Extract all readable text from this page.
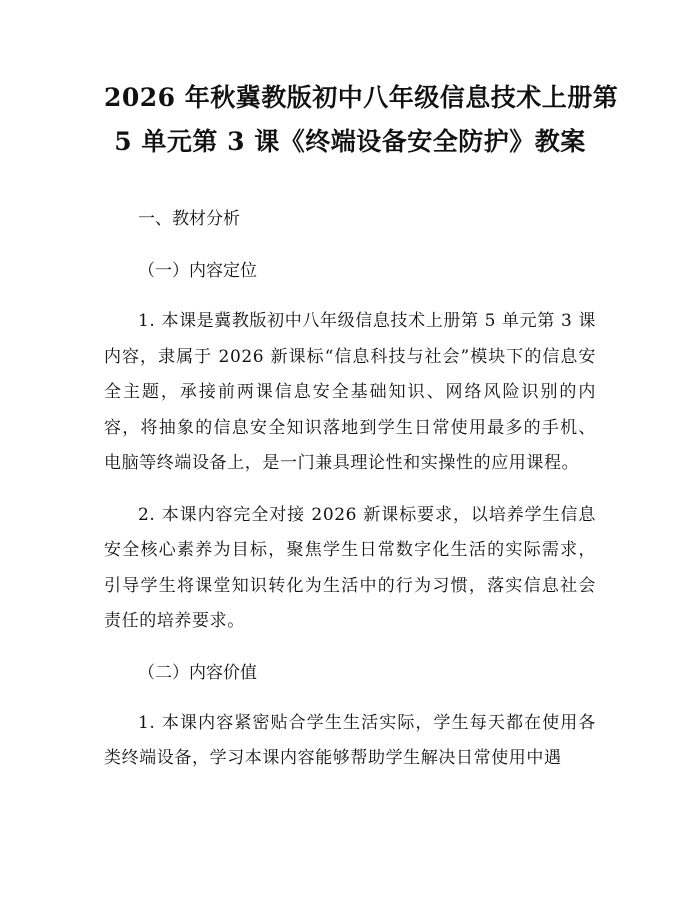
2026 年秋冀教版初中八年级信息技术上册第
5 单元第 3 课《终端设备安全防护》教案
一、教材分析
（一）内容定位

1. 本课是冀教版初中八年级信息技术上册第 5 单元第 3 课内容，隶属于 2026 新课标“信息科技与社会”模块下的信息安全主题，承接前两课信息安全基础知识、网络风险识别的内容，将抽象的信息安全知识落地到学生日常使用最多的手机、电脑等终端设备上，是一门兼具理论性和实操性的应用课程。

2. 本课内容完全对接 2026 新课标要求，以培养学生信息安全核心素养为目标，聚焦学生日常数字化生活的实际需求，引导学生将课堂知识转化为生活中的行为习惯，落实信息社会责任的培养要求。

（二）内容价值

1. 本课内容紧密贴合学生生活实际，学生每天都在使用各类终端设备，学习本课内容能够帮助学生解决日常使用中遇
